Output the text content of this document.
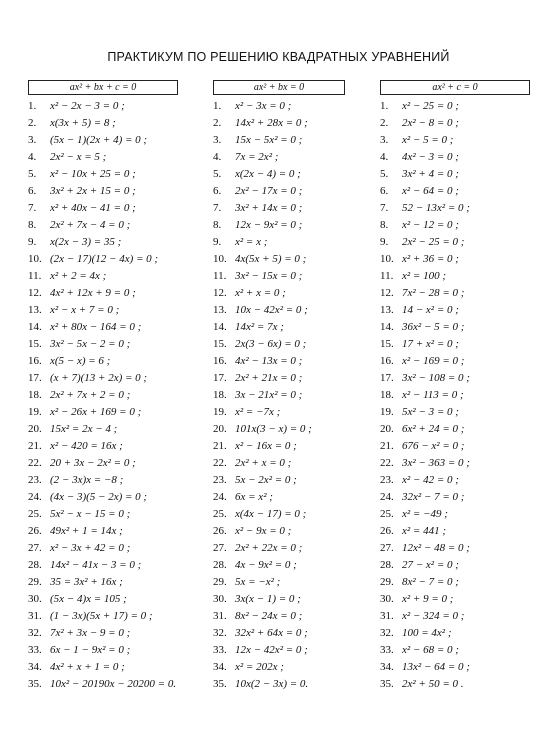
ПРАКТИКУМ ПО РЕШЕНИЮ КВАДРАТНЫХ УРАВНЕНИЙ
ax² + bx + c = 0
1.	x² − 2x − 3 = 0 ;
2.	x(3x + 5) = 8 ;
3.	(5x − 1)(2x + 4) = 0 ;
4.	2x² − x = 5 ;
5.	x² − 10x + 25 = 0 ;
6.	3x² + 2x + 15 = 0 ;
7.	x² + 40x − 41 = 0 ;
8.	2x² + 7x − 4 = 0 ;
9.	x(2x − 3) = 35 ;
10. (2x − 17)(12 − 4x) = 0 ;
11. x² + 2 = 4x ;
12. 4x² + 12x + 9 = 0 ;
13. x² − x + 7 = 0 ;
14. x² + 80x − 164 = 0 ;
15. 3x² − 5x − 2 = 0 ;
16. x(5 − x) = 6 ;
17. (x + 7)(13 + 2x) = 0 ;
18. 2x² + 7x + 2 = 0 ;
19. x² − 26x + 169 = 0 ;
20. 15x² = 2x − 4 ;
21. x² − 420 = 16x ;
22. 20 + 3x − 2x² = 0 ;
23. (2 − 3x)x = −8 ;
24. (4x − 3)(5 − 2x) = 0 ;
25. 5x² − x − 15 = 0 ;
26. 49x² + 1 = 14x ;
27. x² − 3x + 42 = 0 ;
28. 14x² − 41x − 3 = 0 ;
29. 35 = 3x² + 16x ;
30. (5x − 4)x = 105 ;
31. (1 − 3x)(5x + 17) = 0 ;
32. 7x² + 3x − 9 = 0 ;
33. 6x − 1 − 9x² = 0 ;
34. 4x² + x + 1 = 0 ;
35. 10x² − 20190x − 20200 = 0.
ax² + bx = 0
1.	x² − 3x = 0 ;
2.	14x² + 28x = 0 ;
3.	15x − 5x² = 0 ;
4.	7x = 2x² ;
5.	x(2x − 4) = 0 ;
6.	2x² − 17x = 0 ;
7.	3x² + 14x = 0 ;
8.	12x − 9x² = 0 ;
9.	x² = x ;
10. 4x(5x + 5) = 0 ;
11. 3x² − 15x = 0 ;
12. x² + x = 0 ;
13. 10x − 42x² = 0 ;
14. 14x² = 7x ;
15. 2x(3 − 6x) = 0 ;
16. 4x² − 13x = 0 ;
17. 2x² + 21x = 0 ;
18. 3x − 21x² = 0 ;
19. x² = −7x ;
20. 101x(3 − x) = 0 ;
21. x² − 16x = 0 ;
22. 2x² + x = 0 ;
23. 5x − 2x² = 0 ;
24. 6x = x² ;
25. x(4x − 17) = 0 ;
26. x² − 9x = 0 ;
27. 2x² + 22x = 0 ;
28. 4x − 9x² = 0 ;
29. 5x = −x² ;
30. 3x(x − 1) = 0 ;
31. 8x² − 24x = 0 ;
32. 32x² + 64x = 0 ;
33. 12x − 42x² = 0 ;
34. x² = 202x ;
35. 10x(2 − 3x) = 0.
ax² + c = 0
1.	x² − 25 = 0 ;
2.	2x² − 8 = 0 ;
3.	x² − 5 = 0 ;
4.	4x² − 3 = 0 ;
5.	3x² + 4 = 0 ;
6.	x² − 64 = 0 ;
7.	52 − 13x² = 0 ;
8.	x² − 12 = 0 ;
9.	2x² − 25 = 0 ;
10. x² + 36 = 0 ;
11. x² = 100 ;
12. 7x² − 28 = 0 ;
13. 14 − x² = 0 ;
14. 36x² − 5 = 0 ;
15. 17 + x² = 0 ;
16. x² − 169 = 0 ;
17. 3x² − 108 = 0 ;
18. x² − 113 = 0 ;
19. 5x² − 3 = 0 ;
20. 6x² + 24 = 0 ;
21. 676 − x² = 0 ;
22. 3x² − 363 = 0 ;
23. x² − 42 = 0 ;
24. 32x² − 7 = 0 ;
25. x² = −49 ;
26. x² = 441 ;
27. 12x² − 48 = 0 ;
28. 27 − x² = 0 ;
29. 8x² − 7 = 0 ;
30. x² + 9 = 0 ;
31. x² − 324 = 0 ;
32. 100 = 4x² ;
33. x² − 68 = 0 ;
34. 13x² − 64 = 0 ;
35. 2x² + 50 = 0 .
